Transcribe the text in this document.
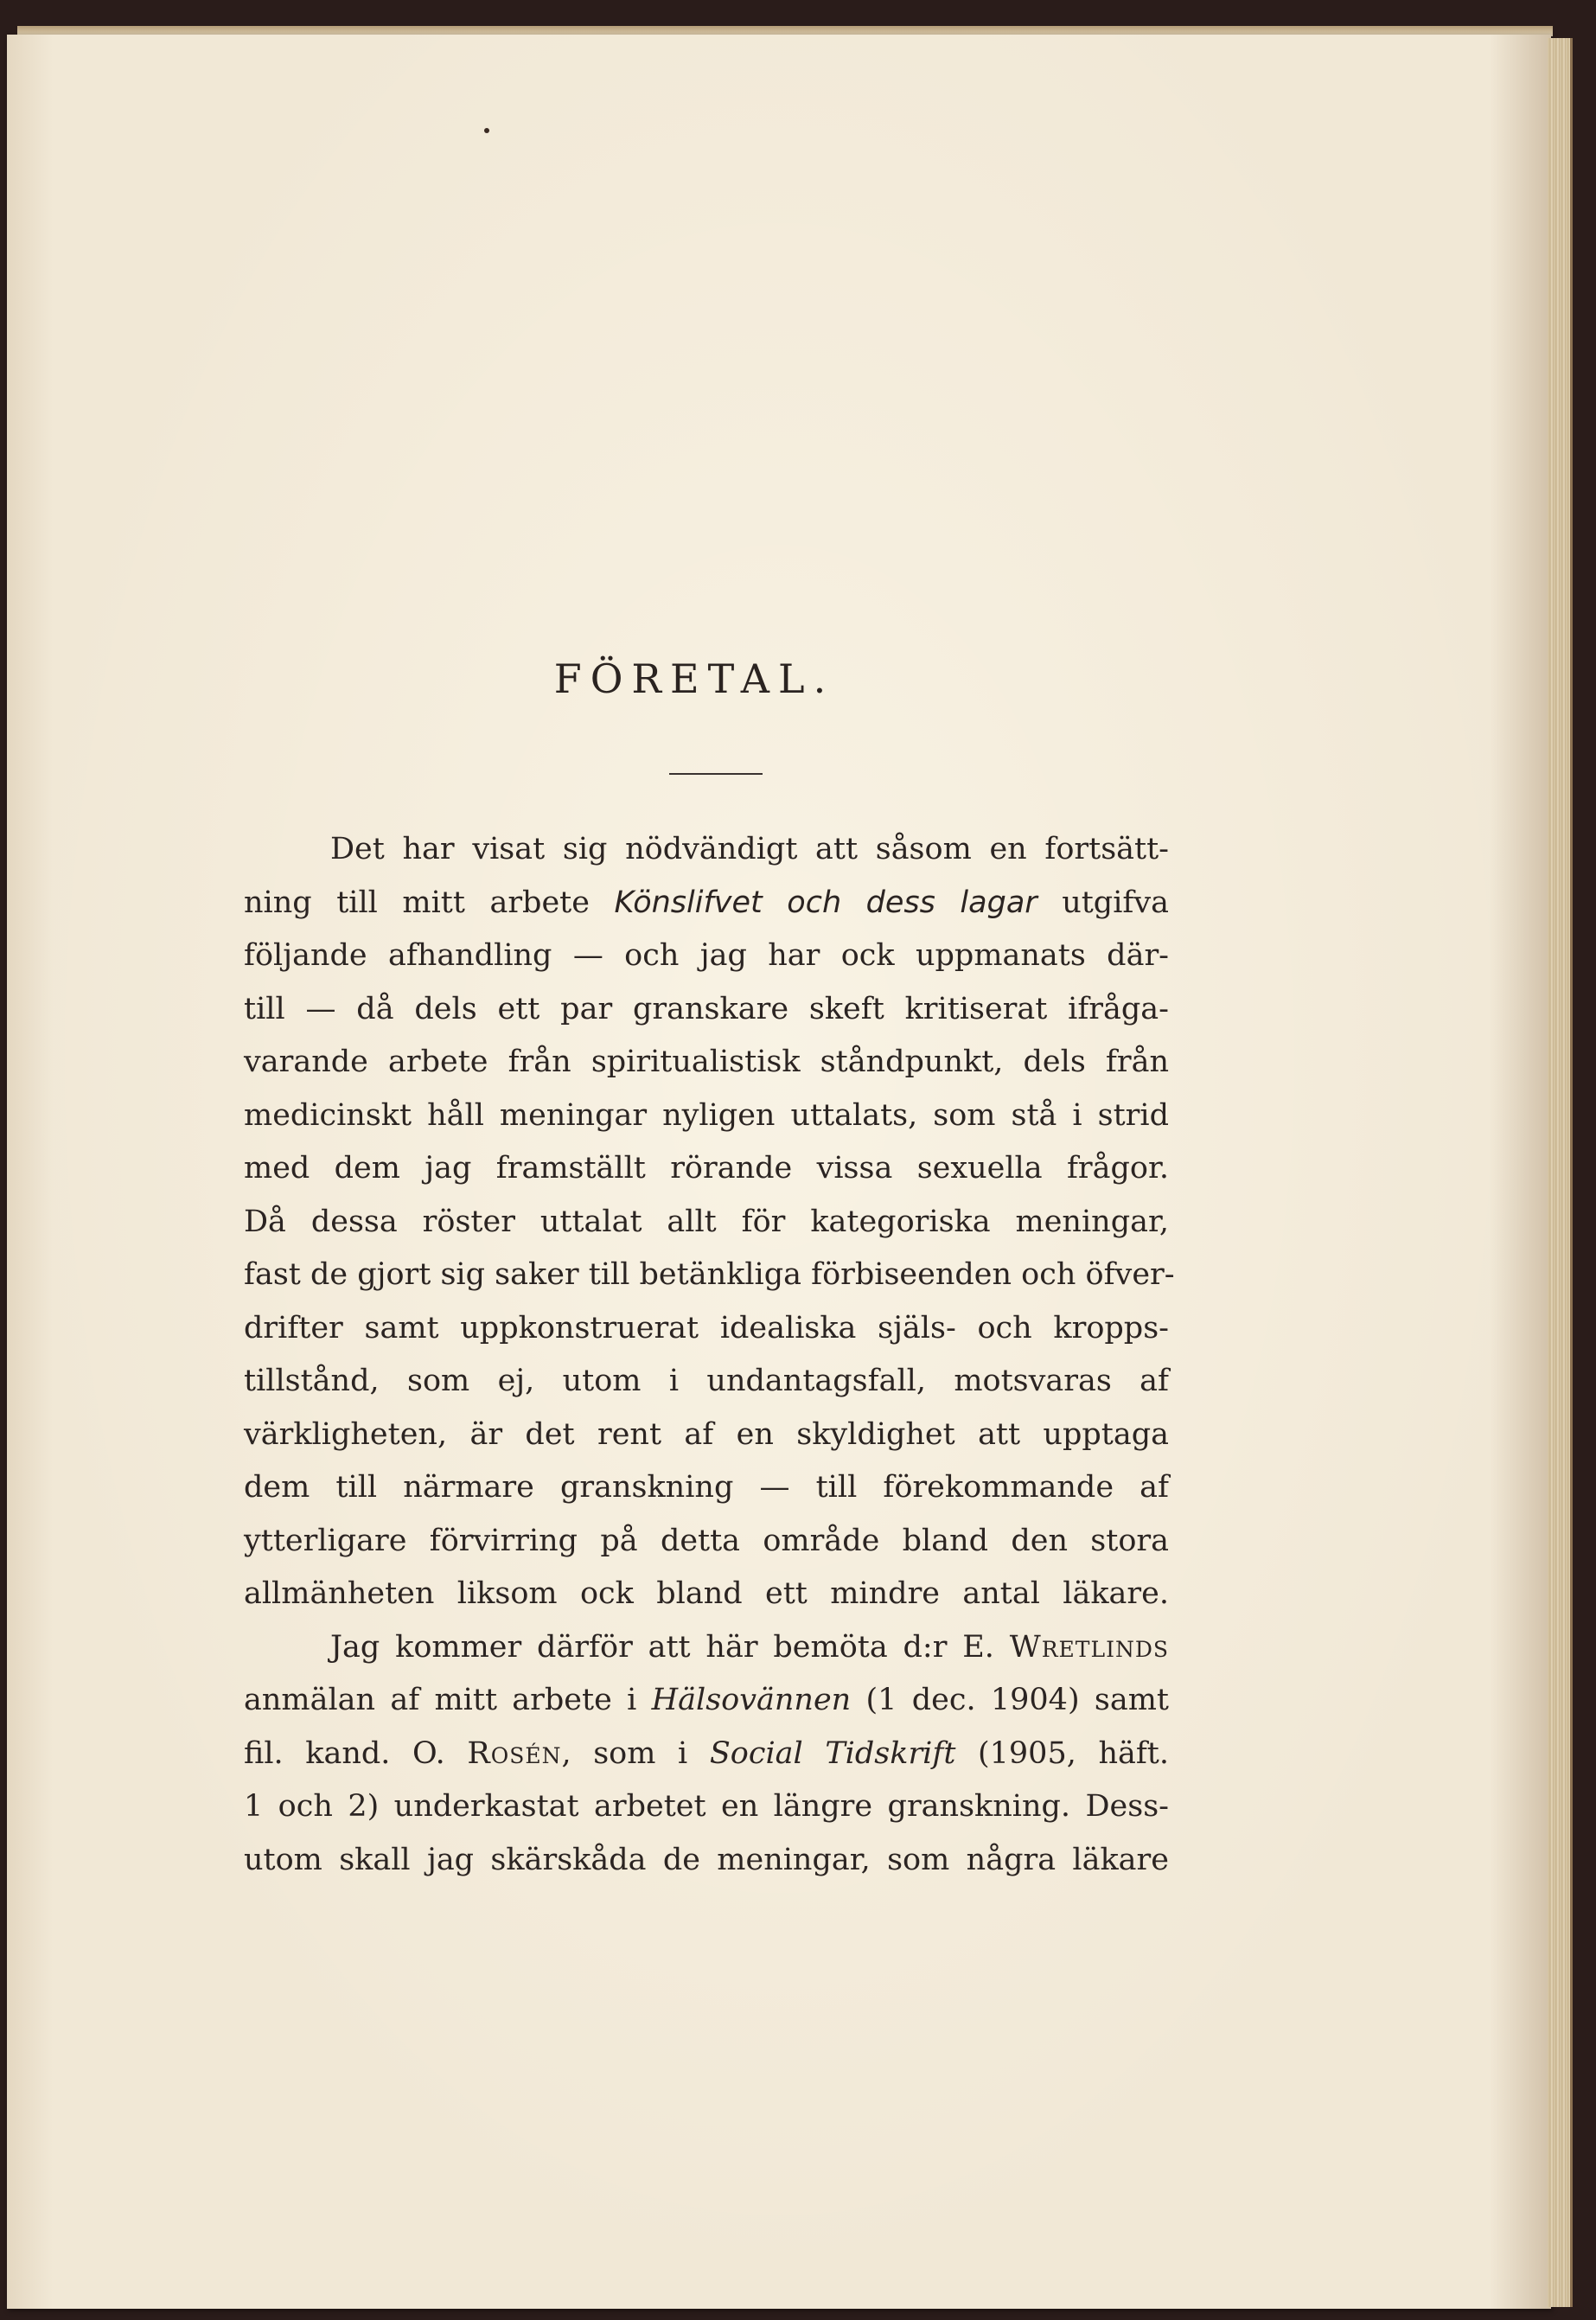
FÖRETAL.
Det har visat sig nödvändigt att såsom en fortsätt-
ning till mitt arbete Könslifvet och dess lagar utgifva
följande afhandling — och jag har ock uppmanats där-
till — då dels ett par granskare skeft kritiserat ifråga-
varande arbete från spiritualistisk ståndpunkt, dels från
medicinskt håll meningar nyligen uttalats, som stå i strid
med dem jag framställt rörande vissa sexuella frågor.
Då dessa röster uttalat allt för kategoriska meningar,
fast de gjort sig saker till betänkliga förbiseenden och öfver-
drifter samt uppkonstruerat idealiska själs- och kropps-
tillstånd, som ej, utom i undantagsfall, motsvaras af
värkligheten, är det rent af en skyldighet att upptaga
dem till närmare granskning — till förekommande af
ytterligare förvirring på detta område bland den stora
allmänheten liksom ock bland ett mindre antal läkare.
Jag kommer därför att här bemöta d:r E. Wretlinds
anmälan af mitt arbete i Hälsovännen (1 dec. 1904) samt
fil. kand. O. Rosén, som i Social Tidskrift (1905, häft.
1 och 2) underkastat arbetet en längre granskning. Dess-
utom skall jag skärskåda de meningar, som några läkare
